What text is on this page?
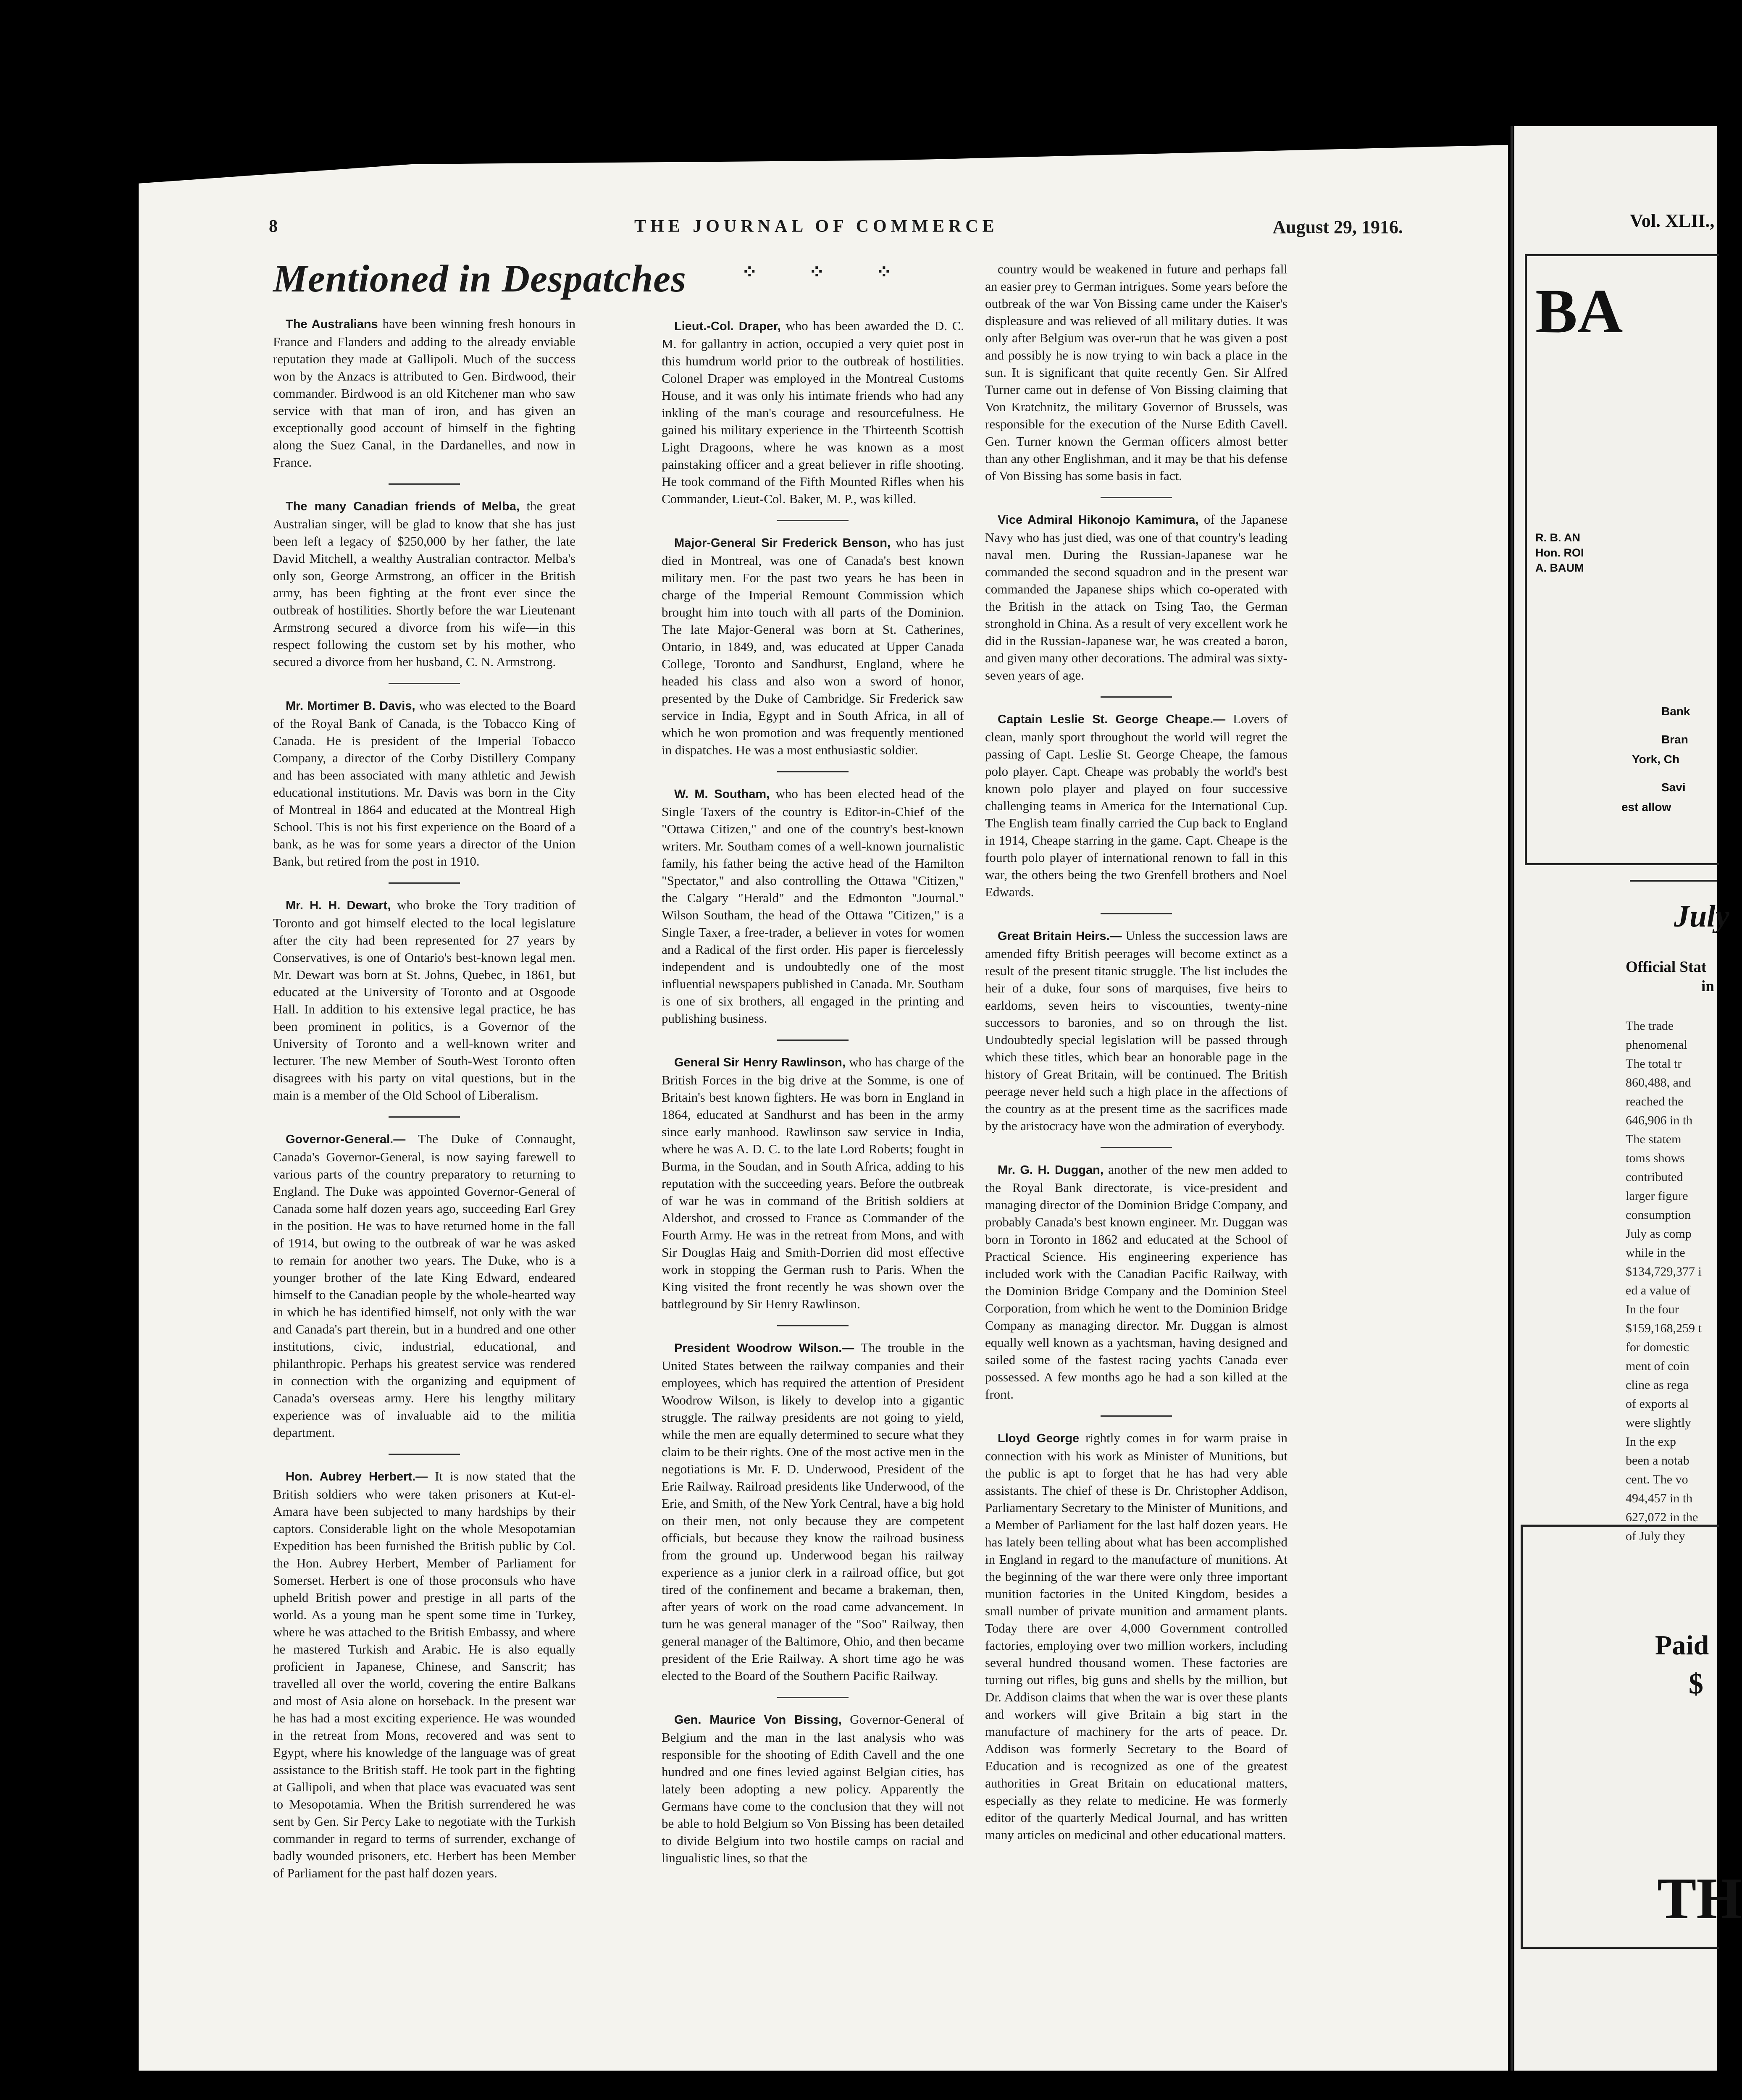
8	THE JOURNAL OF COMMERCE	August 29, 1916.
Mentioned in Despatches	⁘ ⁘ ⁘

The Australians have been winning fresh honours in France and Flanders and adding to the already enviable reputation they made at Gallipoli. Much of the success won by the Anzacs is attributed to Gen. Birdwood, their commander. Birdwood is an old Kitchener man who saw service with that man of iron, and has given an exceptionally good account of himself in the fighting along the Suez Canal, in the Dardanelles, and now in France.

The many Canadian friends of Melba, the great Australian singer, will be glad to know that she has just been left a legacy of $250,000 by her father, the late David Mitchell, a wealthy Australian contractor. Melba's only son, George Armstrong, an officer in the British army, has been fighting at the front ever since the outbreak of hostilities. Shortly before the war Lieutenant Armstrong secured a divorce from his wife—in this respect following the custom set by his mother, who secured a divorce from her husband, C. N. Armstrong.

Mr. Mortimer B. Davis, who was elected to the Board of the Royal Bank of Canada, is the Tobacco King of Canada. He is president of the Imperial Tobacco Company, a director of the Corby Distillery Company and has been associated with many athletic and Jewish educational institutions. Mr. Davis was born in the City of Montreal in 1864 and educated at the Montreal High School. This is not his first experience on the Board of a bank, as he was for some years a director of the Union Bank, but retired from the post in 1910.

Mr. H. H. Dewart, who broke the Tory tradition of Toronto and got himself elected to the local legislature after the city had been represented for 27 years by Conservatives, is one of Ontario's best-known legal men. Mr. Dewart was born at St. Johns, Quebec, in 1861, but educated at the University of Toronto and at Osgoode Hall. In addition to his extensive legal practice, he has been prominent in politics, is a Governor of the University of Toronto and a well-known writer and lecturer. The new Member of South-West Toronto often disagrees with his party on vital questions, but in the main is a member of the Old School of Liberalism.

Governor-General.— The Duke of Connaught, Canada's Governor-General, is now saying farewell to various parts of the country preparatory to returning to England. The Duke was appointed Governor-General of Canada some half dozen years ago, succeeding Earl Grey in the position. He was to have returned home in the fall of 1914, but owing to the outbreak of war he was asked to remain for another two years. The Duke, who is a younger brother of the late King Edward, endeared himself to the Canadian people by the whole-hearted way in which he has identified himself, not only with the war and Canada's part therein, but in a hundred and one other institutions, civic, industrial, educational, and philanthropic. Perhaps his greatest service was rendered in connection with the organizing and equipment of Canada's overseas army. Here his lengthy military experience was of invaluable aid to the militia department.

Hon. Aubrey Herbert.— It is now stated that the British soldiers who were taken prisoners at Kut-el-Amara have been subjected to many hardships by their captors. Considerable light on the whole Mesopotamian Expedition has been furnished the British public by Col. the Hon. Aubrey Herbert, Member of Parliament for Somerset. Herbert is one of those proconsuls who have upheld British power and prestige in all parts of the world. As a young man he spent some time in Turkey, where he was attached to the British Embassy, and where he mastered Turkish and Arabic. He is also equally proficient in Japanese, Chinese, and Sanscrit; has travelled all over the world, covering the entire Balkans and most of Asia alone on horseback. In the present war he has had a most exciting experience. He was wounded in the retreat from Mons, recovered and was sent to Egypt, where his knowledge of the language was of great assistance to the British staff. He took part in the fighting at Gallipoli, and when that place was evacuated was sent to Mesopotamia. When the British surrendered he was sent by Gen. Sir Percy Lake to negotiate with the Turkish commander in regard to terms of surrender, exchange of badly wounded prisoners, etc. Herbert has been Member of Parliament for the past half dozen years.

Lieut.-Col. Draper, who has been awarded the D. C. M. for gallantry in action, occupied a very quiet post in this humdrum world prior to the outbreak of hostilities. Colonel Draper was employed in the Montreal Customs House, and it was only his intimate friends who had any inkling of the man's courage and resourcefulness. He gained his military experience in the Thirteenth Scottish Light Dragoons, where he was known as a most painstaking officer and a great believer in rifle shooting. He took command of the Fifth Mounted Rifles when his Commander, Lieut-Col. Baker, M. P., was killed.

Major-General Sir Frederick Benson, who has just died in Montreal, was one of Canada's best known military men. For the past two years he has been in charge of the Imperial Remount Commission which brought him into touch with all parts of the Dominion. The late Major-General was born at St. Catherines, Ontario, in 1849, and, was educated at Upper Canada College, Toronto and Sandhurst, England, where he headed his class and also won a sword of honor, presented by the Duke of Cambridge. Sir Frederick saw service in India, Egypt and in South Africa, in all of which he won promotion and was frequently mentioned in dispatches. He was a most enthusiastic soldier.

W. M. Southam, who has been elected head of the Single Taxers of the country is Editor-in-Chief of the "Ottawa Citizen," and one of the country's best-known writers. Mr. Southam comes of a well-known journalistic family, his father being the active head of the Hamilton "Spectator," and also controlling the Ottawa "Citizen," the Calgary "Herald" and the Edmonton "Journal." Wilson Southam, the head of the Ottawa "Citizen," is a Single Taxer, a free-trader, a believer in votes for women and a Radical of the first order. His paper is fiercelessly independent and is undoubtedly one of the most influential newspapers published in Canada. Mr. Southam is one of six brothers, all engaged in the printing and publishing business.

General Sir Henry Rawlinson, who has charge of the British Forces in the big drive at the Somme, is one of Britain's best known fighters. He was born in England in 1864, educated at Sandhurst and has been in the army since early manhood. Rawlinson saw service in India, where he was A. D. C. to the late Lord Roberts; fought in Burma, in the Soudan, and in South Africa, adding to his reputation with the succeeding years. Before the outbreak of war he was in command of the British soldiers at Aldershot, and crossed to France as Commander of the Fourth Army. He was in the retreat from Mons, and with Sir Douglas Haig and Smith-Dorrien did most effective work in stopping the German rush to Paris. When the King visited the front recently he was shown over the battleground by Sir Henry Rawlinson.

President Woodrow Wilson.— The trouble in the United States between the railway companies and their employees, which has required the attention of President Woodrow Wilson, is likely to develop into a gigantic struggle. The railway presidents are not going to yield, while the men are equally determined to secure what they claim to be their rights. One of the most active men in the negotiations is Mr. F. D. Underwood, President of the Erie Railway. Railroad presidents like Underwood, of the Erie, and Smith, of the New York Central, have a big hold on their men, not only because they are competent officials, but because they know the railroad business from the ground up. Underwood began his railway experience as a junior clerk in a railroad office, but got tired of the confinement and became a brakeman, then, after years of work on the road came advancement. In turn he was general manager of the "Soo" Railway, then general manager of the Baltimore, Ohio, and then became president of the Erie Railway. A short time ago he was elected to the Board of the Southern Pacific Railway.

Gen. Maurice Von Bissing, Governor-General of Belgium and the man in the last analysis who was responsible for the shooting of Edith Cavell and the one hundred and one fines levied against Belgian cities, has lately been adopting a new policy. Apparently the Germans have come to the conclusion that they will not be able to hold Belgium so Von Bissing has been detailed to divide Belgium into two hostile camps on racial and lingualistic lines, so that the

country would be weakened in future and perhaps fall an easier prey to German intrigues. Some years before the outbreak of the war Von Bissing came under the Kaiser's displeasure and was relieved of all military duties. It was only after Belgium was over-run that he was given a post and possibly he is now trying to win back a place in the sun. It is significant that quite recently Gen. Sir Alfred Turner came out in defense of Von Bissing claiming that Von Kratchnitz, the military Governor of Brussels, was responsible for the execution of the Nurse Edith Cavell. Gen. Turner known the German officers almost better than any other Englishman, and it may be that his defense of Von Bissing has some basis in fact.

Vice Admiral Hikonojo Kamimura, of the Japanese Navy who has just died, was one of that country's leading naval men. During the Russian-Japanese war he commanded the second squadron and in the present war commanded the Japanese ships which co-operated with the British in the attack on Tsing Tao, the German stronghold in China. As a result of very excellent work he did in the Russian-Japanese war, he was created a baron, and given many other decorations. The admiral was sixty-seven years of age.

Captain Leslie St. George Cheape.— Lovers of clean, manly sport throughout the world will regret the passing of Capt. Leslie St. George Cheape, the famous polo player. Capt. Cheape was probably the world's best known polo player and played on four successive challenging teams in America for the International Cup. The English team finally carried the Cup back to England in 1914, Cheape starring in the game. Capt. Cheape is the fourth polo player of international renown to fall in this war, the others being the two Grenfell brothers and Noel Edwards.

Great Britain Heirs.— Unless the succession laws are amended fifty British peerages will become extinct as a result of the present titanic struggle. The list includes the heir of a duke, four sons of marquises, five heirs to earldoms, seven heirs to viscounties, twenty-nine successors to baronies, and so on through the list. Undoubtedly special legislation will be passed through which these titles, which bear an honorable page in the history of Great Britain, will be continued. The British peerage never held such a high place in the affections of the country as at the present time as the sacrifices made by the aristocracy have won the admiration of everybody.

Mr. G. H. Duggan, another of the new men added to the Royal Bank directorate, is vice-president and managing director of the Dominion Bridge Company, and probably Canada's best known engineer. Mr. Duggan was born in Toronto in 1862 and educated at the School of Practical Science. His engineering experience has included work with the Canadian Pacific Railway, with the Dominion Bridge Company and the Dominion Steel Corporation, from which he went to the Dominion Bridge Company as managing director. Mr. Duggan is almost equally well known as a yachtsman, having designed and sailed some of the fastest racing yachts Canada ever possessed. A few months ago he had a son killed at the front.

Lloyd George rightly comes in for warm praise in connection with his work as Minister of Munitions, but the public is apt to forget that he has had very able assistants. The chief of these is Dr. Christopher Addison, Parliamentary Secretary to the Minister of Munitions, and a Member of Parliament for the last half dozen years. He has lately been telling about what has been accomplished in England in regard to the manufacture of munitions. At the beginning of the war there were only three important munition factories in the United Kingdom, besides a small number of private munition and armament plants. Today there are over 4,000 Government controlled factories, employing over two million workers, including several hundred thousand women. These factories are turning out rifles, big guns and shells by the million, but Dr. Addison claims that when the war is over these plants and workers will give Britain a big start in the manufacture of machinery for the arts of peace. Dr. Addison was formerly Secretary to the Board of Education and is recognized as one of the greatest authorities in Great Britain on educational matters, especially as they relate to medicine. He was formerly editor of the quarterly Medical Journal, and has written many articles on medicinal and other educational matters.

Vol. XLII.,
BA
R. B. AN
Hon. ROI
A. BAUM
Bank
Bran
York, Ch
Savi
est allow
July
Official Stat
in
The trade
phenomenal
The total tr
860,488, and
reached the
646,906 in th
The statem
toms shows
contributed
larger figure
consumption
July as comp
while in the
$134,729,377 i
ed a value of
In the four
$159,168,259 t
for domestic
ment of coin
cline as rega
of exports al
were slightly
In the exp
been a notab
cent. The vo
494,457 in th
627,072 in the
of July they
Paid
$
TH
